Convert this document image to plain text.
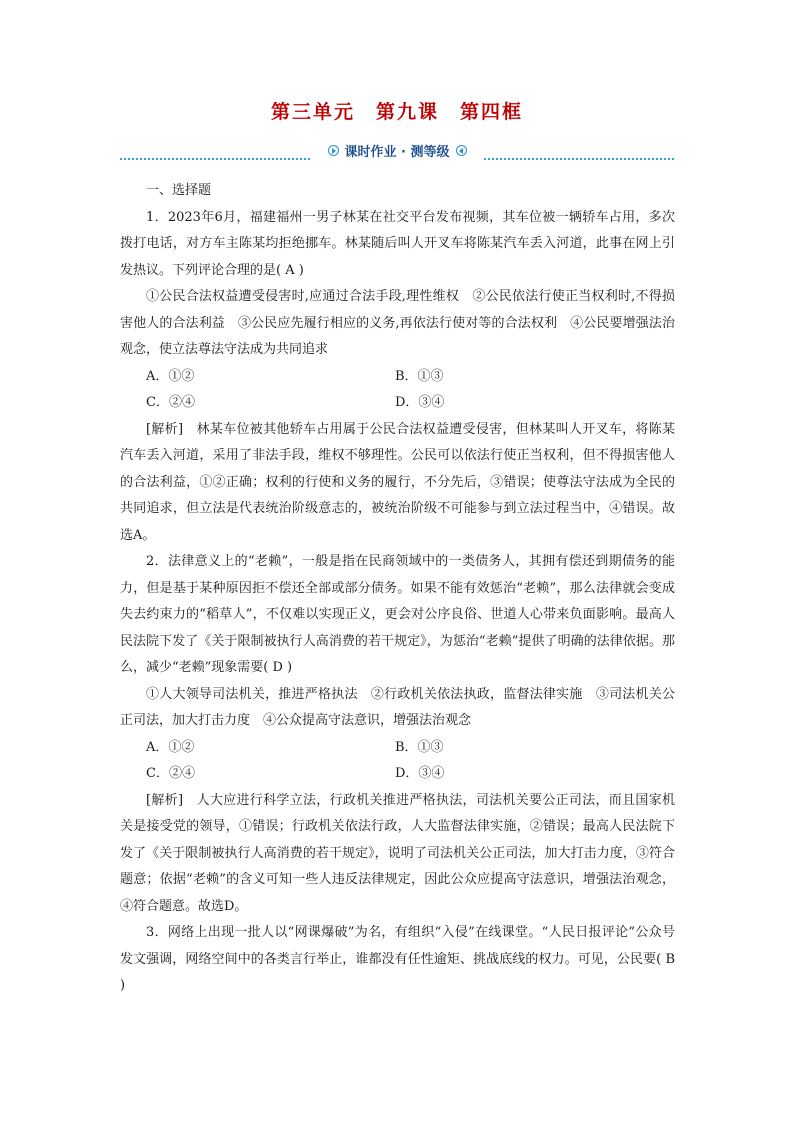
第三单元　第九课　第四框
课时作业 · 测等级

一、选择题

1．2023年6月，福建福州一男子林某在社交平台发布视频，其车位被一辆轿车占用，多次拨打电话，对方车主陈某均拒绝挪车。林某随后叫人开叉车将陈某汽车丢入河道，此事在网上引发热议。下列评论合理的是( A )

①公民合法权益遭受侵害时,应通过合法手段,理性维权　②公民依法行使正当权利时,不得损害他人的合法利益　③公民应先履行相应的义务,再依法行使对等的合法权利　④公民要增强法治观念，使立法尊法守法成为共同追求

A．①②	B．①③
C．②④	D．③④

[解析]　林某车位被其他轿车占用属于公民合法权益遭受侵害，但林某叫人开叉车，将陈某汽车丢入河道，采用了非法手段，维权不够理性。公民可以依法行使正当权利，但不得损害他人的合法利益，①②正确；权利的行使和义务的履行，不分先后，③错误；使尊法守法成为全民的共同追求，但立法是代表统治阶级意志的，被统治阶级不可能参与到立法过程当中，④错误。故选A。

2．法律意义上的“老赖”，一般是指在民商领域中的一类债务人，其拥有偿还到期债务的能力，但是基于某种原因拒不偿还全部或部分债务。如果不能有效惩治“老赖”，那么法律就会变成失去约束力的“稻草人”，不仅难以实现正义，更会对公序良俗、世道人心带来负面影响。最高人民法院下发了《关于限制被执行人高消费的若干规定》，为惩治“老赖”提供了明确的法律依据。那么，减少“老赖”现象需要( D )

①人大领导司法机关，推进严格执法　②行政机关依法执政，监督法律实施　③司法机关公正司法，加大打击力度　④公众提高守法意识，增强法治观念

A．①②	B．①③
C．②④	D．③④

[解析]　人大应进行科学立法，行政机关推进严格执法，司法机关要公正司法，而且国家机关是接受党的领导，①错误；行政机关依法行政，人大监督法律实施，②错误；最高人民法院下发了《关于限制被执行人高消费的若干规定》，说明了司法机关公正司法，加大打击力度，③符合题意；依据“老赖”的含义可知一些人违反法律规定，因此公众应提高守法意识，增强法治观念，④符合题意。故选D。

3．网络上出现一批人以“网课爆破”为名，有组织“入侵”在线课堂。“人民日报评论”公众号发文强调，网络空间中的各类言行举止，谁都没有任性逾矩、挑战底线的权力。可见，公民要( B )
